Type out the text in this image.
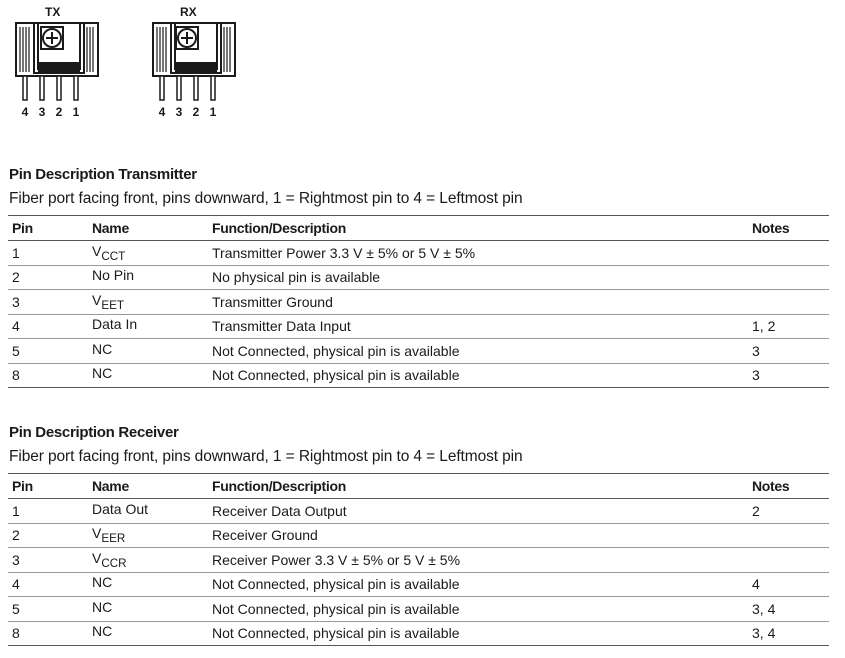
TX
4 3 2 1
RX
4 3 2 1
Pin Description Transmitter
Fiber port facing front, pins downward, 1 = Rightmost pin to 4 = Leftmost pin
Pin	Name	Function/Description	Notes
1	$V_{CCT}$	Transmitter Power 3.3 V ± 5% or 5 V ± 5%	
2	No Pin	No physical pin is available	
3	$V_{EET}$	Transmitter Ground	
4	Data In	Transmitter Data Input	1, 2
5	NC	Not Connected, physical pin is available	3
8	NC	Not Connected, physical pin is available	3
Pin Description Receiver
Fiber port facing front, pins downward, 1 = Rightmost pin to 4 = Leftmost pin
Pin	Name	Function/Description	Notes
1	Data Out	Receiver Data Output	2
2	$V_{EER}$	Receiver Ground	
3	$V_{CCR}$	Receiver Power 3.3 V ± 5% or 5 V ± 5%	
4	NC	Not Connected, physical pin is available	4
5	NC	Not Connected, physical pin is available	3, 4
8	NC	Not Connected, physical pin is available	3, 4
